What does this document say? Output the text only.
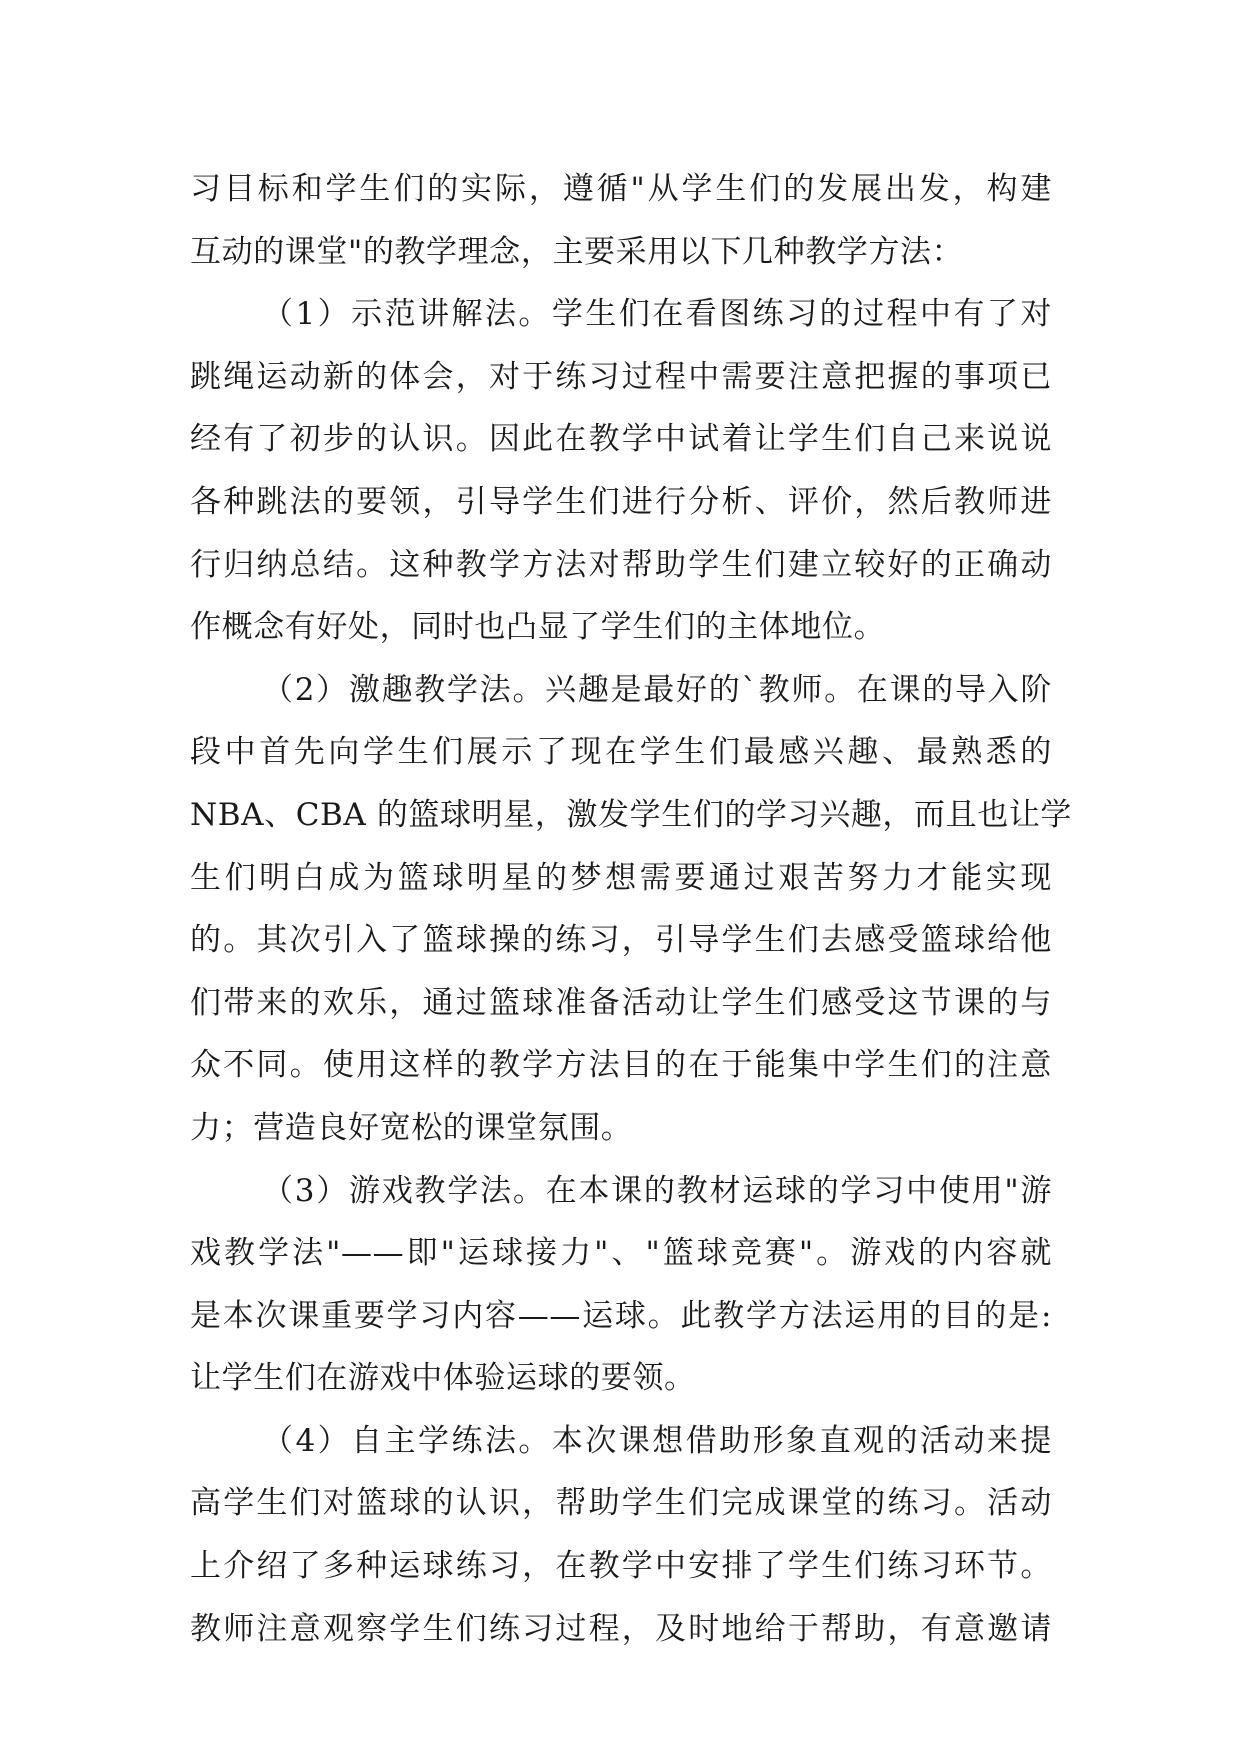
习目标和学生们的实际，遵循"从学生们的发展出发，构建
互动的课堂"的教学理念，主要采用以下几种教学方法：
（1）示范讲解法。学生们在看图练习的过程中有了对
跳绳运动新的体会，对于练习过程中需要注意把握的事项已
经有了初步的认识。因此在教学中试着让学生们自己来说说
各种跳法的要领，引导学生们进行分析、评价，然后教师进
行归纳总结。这种教学方法对帮助学生们建立较好的正确动
作概念有好处，同时也凸显了学生们的主体地位。
（2）激趣教学法。兴趣是最好的`教师。在课的导入阶
段中首先向学生们展示了现在学生们最感兴趣、最熟悉的
NBA、CBA 的篮球明星，激发学生们的学习兴趣，而且也让学
生们明白成为篮球明星的梦想需要通过艰苦努力才能实现
的。其次引入了篮球操的练习，引导学生们去感受篮球给他
们带来的欢乐，通过篮球准备活动让学生们感受这节课的与
众不同。使用这样的教学方法目的在于能集中学生们的注意
力；营造良好宽松的课堂氛围。
（3）游戏教学法。在本课的教材运球的学习中使用"游
戏教学法"——即"运球接力"、"篮球竞赛"。游戏的内容就
是本次课重要学习内容——运球。此教学方法运用的目的是:
让学生们在游戏中体验运球的要领。
（4）自主学练法。本次课想借助形象直观的活动来提
高学生们对篮球的认识，帮助学生们完成课堂的练习。活动
上介绍了多种运球练习，在教学中安排了学生们练习环节。
教师注意观察学生们练习过程，及时地给于帮助，有意邀请
